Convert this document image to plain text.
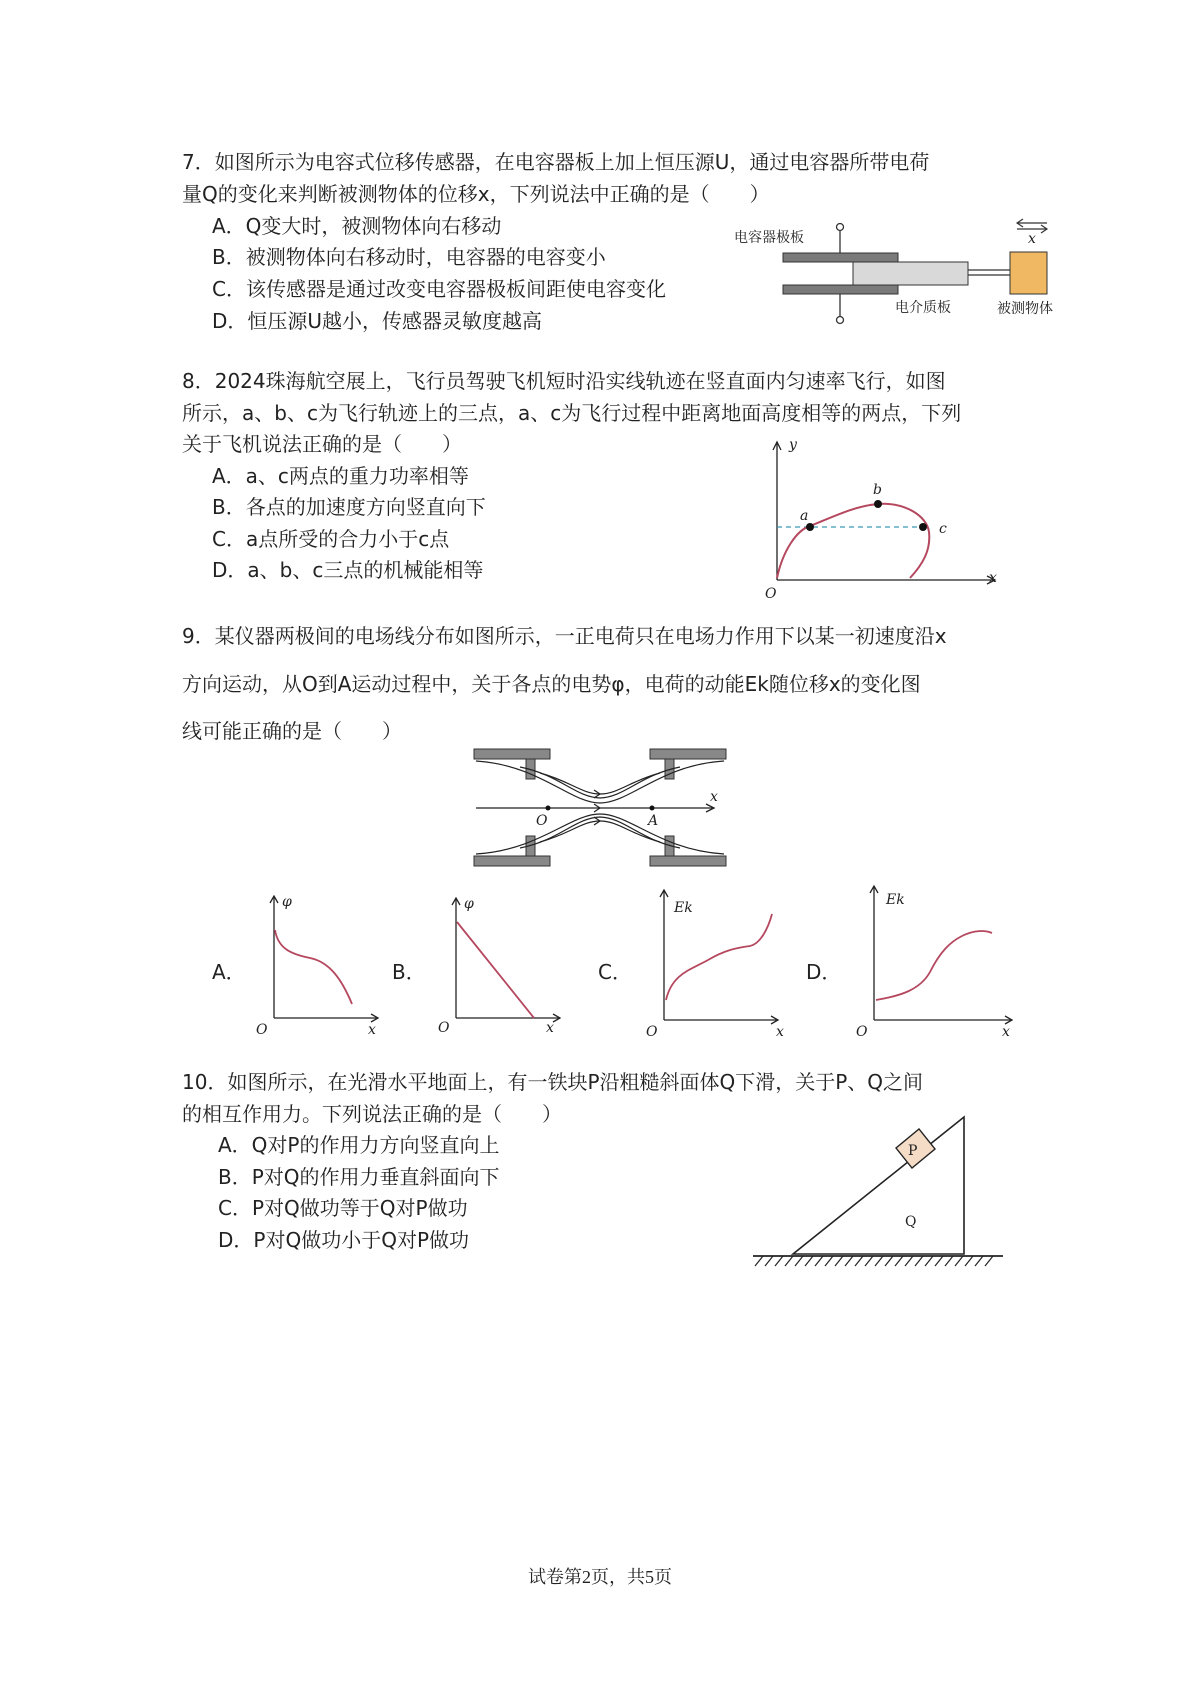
7．如图所示为电容式位移传感器，在电容器板上加上恒压源U，通过电容器所带电荷
量Q的变化来判断被测物体的位移x，下列说法中正确的是（　　）
A．Q变大时，被测物体向右移动
B．被测物体向右移动时，电容器的电容变小
C．该传感器是通过改变电容器极板间距使电容变化
D．恒压源U越小，传感器灵敏度越高
x
电容器极板
电介质板	被测物体
8．2024珠海航空展上，飞行员驾驶飞机短时沿实线轨迹在竖直面内匀速率飞行，如图
所示，a、b、c为飞行轨迹上的三点，a、c为飞行过程中距离地面高度相等的两点，下列
关于飞机说法正确的是（　　）
A．a、c两点的重力功率相等
B．各点的加速度方向竖直向下
C．a点所受的合力小于c点
D．a、b、c三点的机械能相等
y
x
O
a
b
c
9．某仪器两极间的电场线分布如图所示，一正电荷只在电场力作用下以某一初速度沿x
方向运动，从O到A运动过程中，关于各点的电势φ，电荷的动能Ek随位移x的变化图
线可能正确的是（　　）
O	A
x
A．
φ
x
O
B．
φ
x
O
C．
Ek
x
O
D．
Ek
x
O
10．如图所示，在光滑水平地面上，有一铁块P沿粗糙斜面体Q下滑，关于P、Q之间
的相互作用力。下列说法正确的是（　　）
A．Q对P的作用力方向竖直向上
B．P对Q的作用力垂直斜面向下
C．P对Q做功等于Q对P做功
D．P对Q做功小于Q对P做功
P
Q
试卷第2页，共5页
